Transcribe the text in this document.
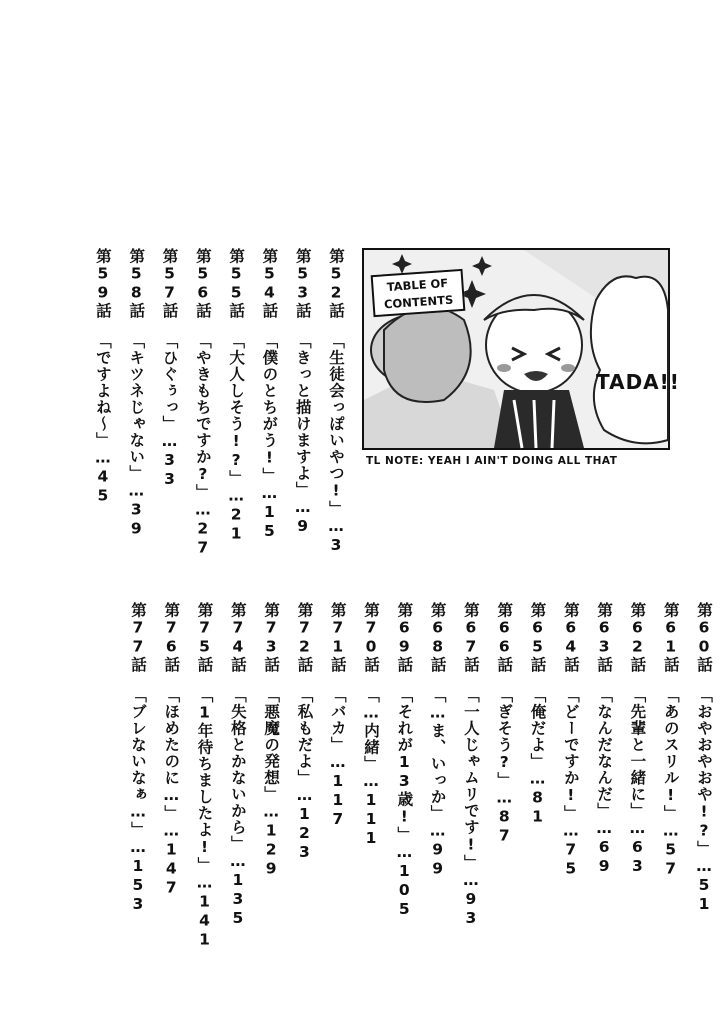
第52話「生徒会っぽいやつ!」…3
第53話「きっと描けますよ」…9
第54話「僕のとちがう!」…15
第55話「大人しそう!?」…21
第56話「やきもちですか?」…27
第57話「ひぐぅっ」…33
第58話「キツネじゃない」…39
第59話「ですよね〜」…45
TABLE OF CONTENTS
TADA!!
TL NOTE: YEAH I AIN'T DOING ALL THAT
第60話「おやおやおや!?」…51
第61話「あのスリル!」…57
第62話「先輩と一緒に」…63
第63話「なんだなんだ」…69
第64話「どーですか!」…75
第65話「俺だよ」…81
第66話「ぎそう?」…87
第67話「一人じゃムリです!」…93
第68話「…ま、いっか」…99
第69話「それが13歳!」…105
第70話「…内緒」…111
第71話「バカ」…117
第72話「私もだよ」…123
第73話「悪魔の発想」…129
第74話「失格とかないから」…135
第75話「1年待ちましたよ!」…141
第76話「ほめたのに…」…147
第77話「ブレないなぁ…」…153
